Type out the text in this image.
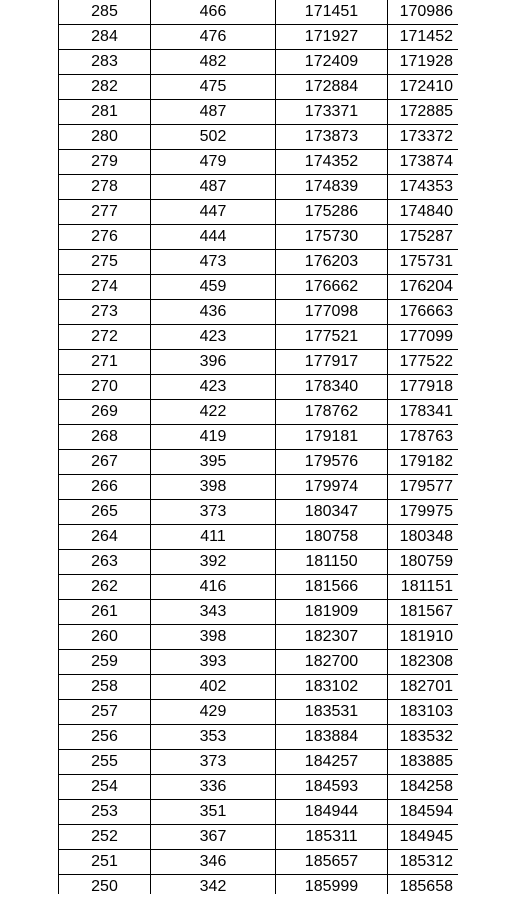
285	466	171451	170986
284	476	171927	171452
283	482	172409	171928
282	475	172884	172410
281	487	173371	172885
280	502	173873	173372
279	479	174352	173874
278	487	174839	174353
277	447	175286	174840
276	444	175730	175287
275	473	176203	175731
274	459	176662	176204
273	436	177098	176663
272	423	177521	177099
271	396	177917	177522
270	423	178340	177918
269	422	178762	178341
268	419	179181	178763
267	395	179576	179182
266	398	179974	179577
265	373	180347	179975
264	411	180758	180348
263	392	181150	180759
262	416	181566	181151
261	343	181909	181567
260	398	182307	181910
259	393	182700	182308
258	402	183102	182701
257	429	183531	183103
256	353	183884	183532
255	373	184257	183885
254	336	184593	184258
253	351	184944	184594
252	367	185311	184945
251	346	185657	185312
250	342	185999	185658
